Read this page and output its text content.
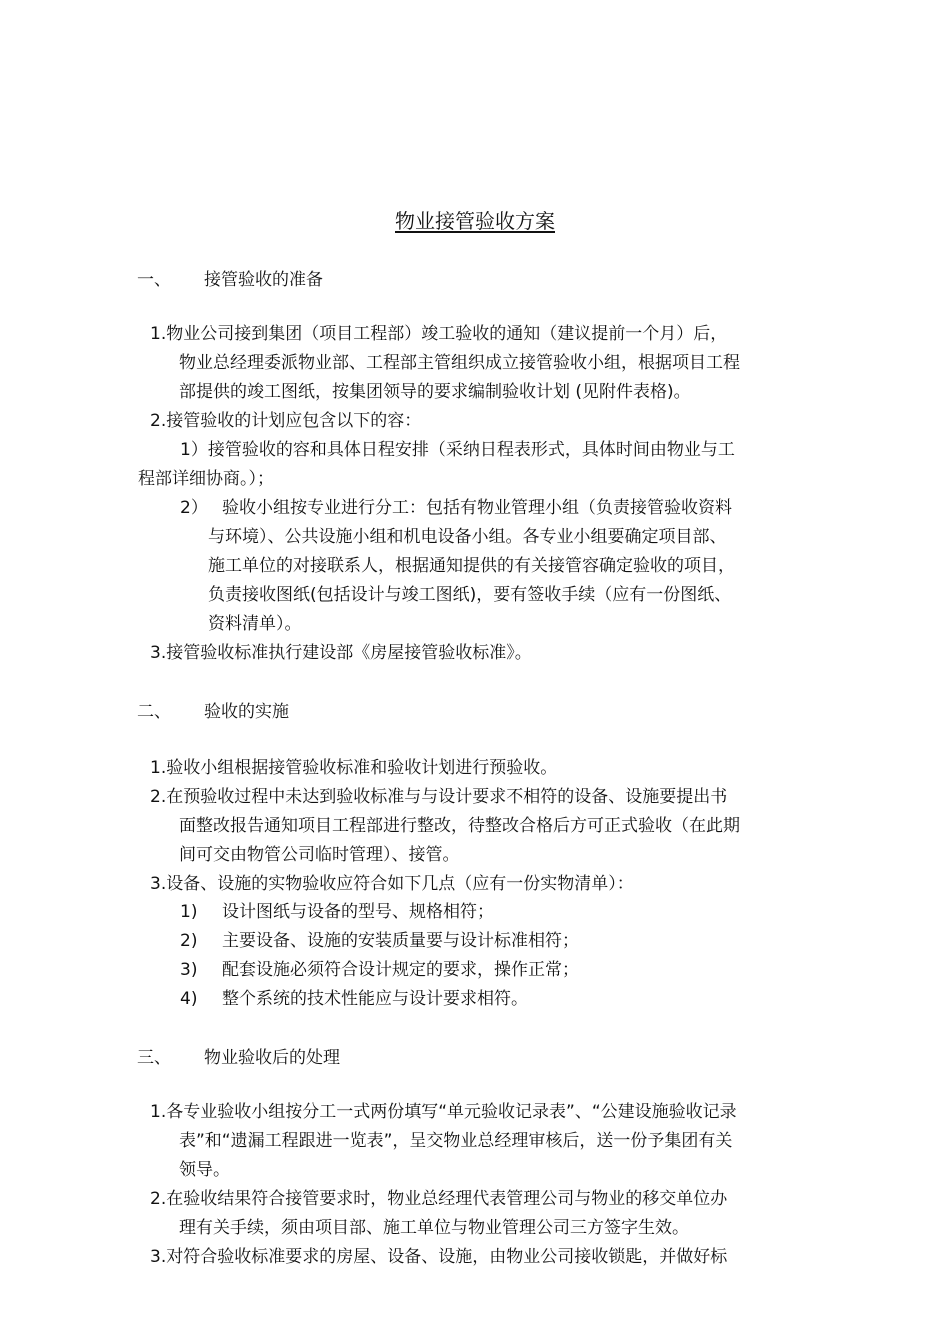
物业接管验收方案
一、 接管验收的准备
1.物业公司接到集团（项目工程部）竣工验收的通知（建议提前一个月）后，
物业总经理委派物业部、工程部主管组织成立接管验收小组，根据项目工程
部提供的竣工图纸，按集团领导的要求编制验收计划 (见附件表格)。
2.接管验收的计划应包含以下的容：
1）接管验收的容和具体日程安排（采纳日程表形式，具体时间由物业与工
程部详细协商。）；
2） 验收小组按专业进行分工：包括有物业管理小组（负责接管验收资料
与环境）、公共设施小组和机电设备小组。各专业小组要确定项目部、
施工单位的对接联系人，根据通知提供的有关接管容确定验收的项目，
负责接收图纸(包括设计与竣工图纸)，要有签收手续（应有一份图纸、
资料清单）。
3.接管验收标准执行建设部《房屋接管验收标准》。
二、 验收的实施
1.验收小组根据接管验收标准和验收计划进行预验收。
2.在预验收过程中未达到验收标准与与设计要求不相符的设备、设施要提出书
面整改报告通知项目工程部进行整改，待整改合格后方可正式验收（在此期
间可交由物管公司临时管理）、接管。
3.设备、设施的实物验收应符合如下几点（应有一份实物清单）：
1) 设计图纸与设备的型号、规格相符；
2) 主要设备、设施的安装质量要与设计标准相符；
3) 配套设施必须符合设计规定的要求，操作正常；
4) 整个系统的技术性能应与设计要求相符。
三、 物业验收后的处理
1.各专业验收小组按分工一式两份填写“单元验收记录表”、“公建设施验收记录
表”和“遗漏工程跟进一览表”，呈交物业总经理审核后，送一份予集团有关
领导。
2.在验收结果符合接管要求时，物业总经理代表管理公司与物业的移交单位办
理有关手续，须由项目部、施工单位与物业管理公司三方签字生效。
3.对符合验收标准要求的房屋、设备、设施，由物业公司接收锁匙，并做好标
